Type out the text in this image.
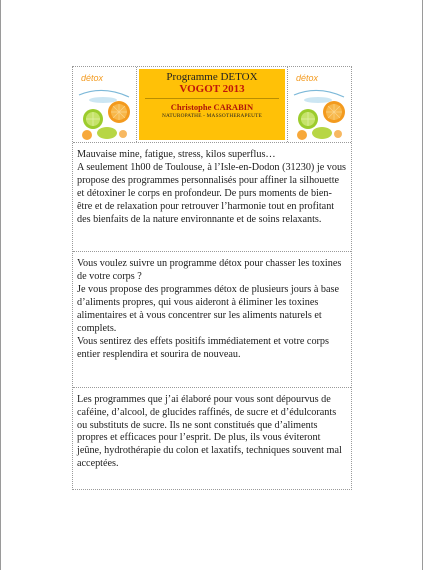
détox	Programme DETOX
VOGOT 2013
Christophe CARABIN
NATUROPATHE - MASSOTHERAPEUTE
détox
Mauvaise mine, fatigue, stress, kilos superflus…
A seulement 1h00 de Toulouse, à l’Isle-en-Dodon (31230) je vous propose des programmes personnalisés pour affiner la silhouette et détoxiner le corps en profondeur. De purs moments de bien-être et de relaxation pour retrouver l’harmonie tout en profitant des bienfaits de la nature environnante et de soins relaxants.
Vous voulez suivre un programme détox pour chasser les toxines de votre corps ?
Je vous propose des programmes détox de plusieurs jours à base d’aliments propres, qui vous aideront à éliminer les toxines alimentaires et à vous concentrer sur les aliments naturels et complets.
Vous sentirez des effets positifs immédiatement et votre corps entier resplendira et sourira de nouveau.
Les programmes que j’ai élaboré pour vous sont dépourvus de caféine, d’alcool, de glucides raffinés, de sucre et d’édulcorants ou substituts de sucre. Ils ne sont constitués que d’aliments propres et efficaces pour l’esprit. De plus, ils vous éviteront jeûne, hydrothérapie du colon et laxatifs, techniques souvent mal acceptées.
